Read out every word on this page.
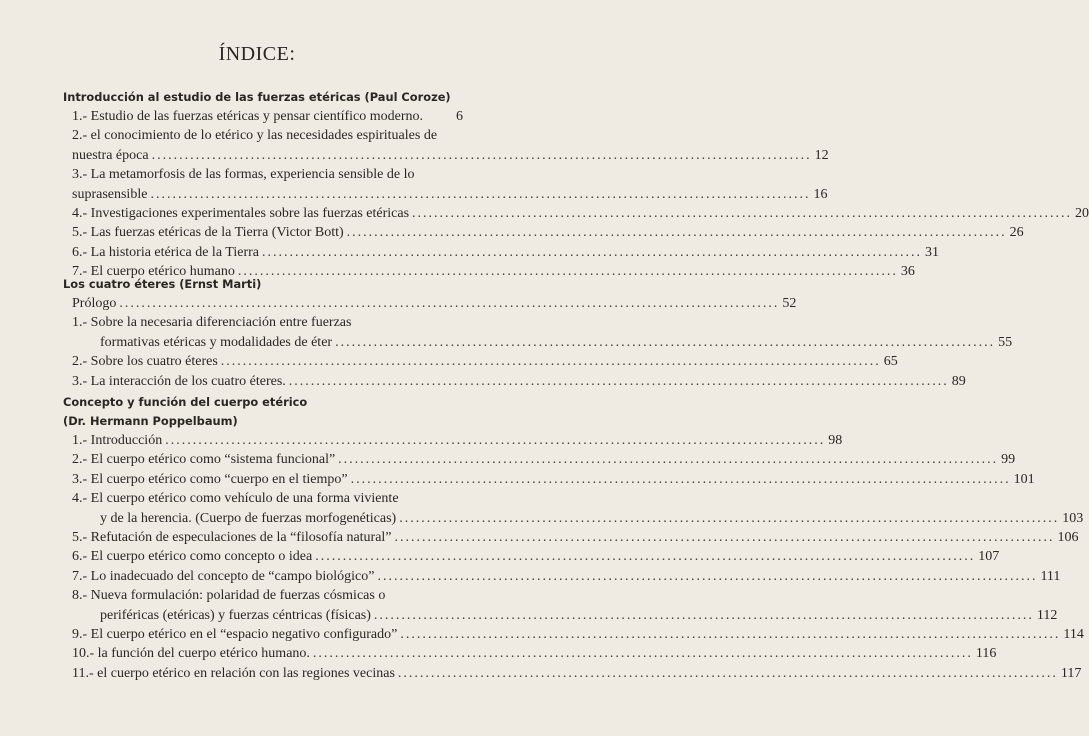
ÍNDICE:
Introducción al estudio de las fuerzas etéricas (Paul Coroze)
1.- Estudio de las fuerzas etéricas y pensar científico moderno. 6
2.- el conocimiento de lo etérico y las necesidades espirituales de
nuestra época ........................................................................................................................ 12
3.- La metamorfosis de las formas, experiencia sensible de lo
suprasensible ........................................................................................................................ 16
4.- Investigaciones experimentales sobre las fuerzas etéricas ........................................................................................................................ 20
5.- Las fuerzas etéricas de la Tierra (Victor Bott) ........................................................................................................................ 26
6.- La historia etérica de la Tierra ........................................................................................................................ 31
7.- El cuerpo etérico humano ........................................................................................................................ 36
Los cuatro éteres (Ernst Marti)
Prólogo ........................................................................................................................ 52
1.- Sobre la necesaria diferenciación entre fuerzas
formativas etéricas y modalidades de éter ........................................................................................................................ 55
2.- Sobre los cuatro éteres ........................................................................................................................ 65
3.- La interacción de los cuatro éteres. ........................................................................................................................ 89
Concepto y función del cuerpo etérico
(Dr. Hermann Poppelbaum)
1.- Introducción ........................................................................................................................ 98
2.- El cuerpo etérico como “sistema funcional” ........................................................................................................................ 99
3.- El cuerpo etérico como “cuerpo en el tiempo” ........................................................................................................................ 101
4.- El cuerpo etérico como vehículo de una forma viviente
y de la herencia. (Cuerpo de fuerzas morfogenéticas) ........................................................................................................................ 103
5.- Refutación de especulaciones de la “filosofía natural” ........................................................................................................................ 106
6.- El cuerpo etérico como concepto o idea ........................................................................................................................ 107
7.- Lo inadecuado del concepto de “campo biológico” ........................................................................................................................ 111
8.- Nueva formulación: polaridad de fuerzas cósmicas o
periféricas (etéricas) y fuerzas céntricas (físicas) ........................................................................................................................ 112
9.- El cuerpo etérico en el “espacio negativo configurado” ........................................................................................................................ 114
10.- la función del cuerpo etérico humano. ........................................................................................................................ 116
11.- el cuerpo etérico en relación con las regiones vecinas ........................................................................................................................ 117
